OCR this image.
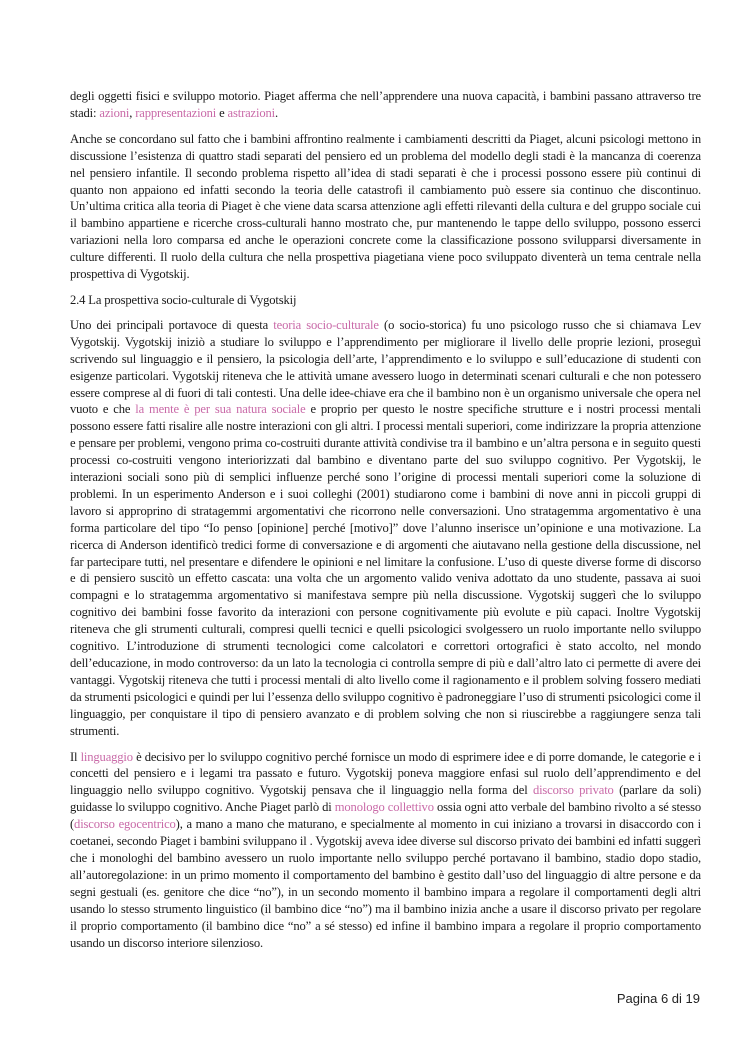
degli oggetti fisici e sviluppo motorio. Piaget afferma che nell’apprendere una nuova capacità, i bambini passano attraverso tre stadi: azioni, rappresentazioni e astrazioni.

Anche se concordano sul fatto che i bambini affrontino realmente i cambiamenti descritti da Piaget, alcuni psicologi mettono in discussione l’esistenza di quattro stadi separati del pensiero ed un problema del modello degli stadi è la mancanza di coerenza nel pensiero infantile. Il secondo problema rispetto all’idea di stadi separati è che i processi possono essere più continui di quanto non appaiono ed infatti secondo la teoria delle catastrofi il cambiamento può essere sia continuo che discontinuo. Un’ultima critica alla teoria di Piaget è che viene data scarsa attenzione agli effetti rilevanti della cultura e del gruppo sociale cui il bambino appartiene e ricerche cross-culturali hanno mostrato che, pur mantenendo le tappe dello sviluppo, possono esserci variazioni nella loro comparsa ed anche le operazioni concrete come la classificazione possono svilupparsi diversamente in culture differenti. Il ruolo della cultura che nella prospettiva piagetiana viene poco sviluppato diventerà un tema centrale nella prospettiva di Vygotskij.

2.4 La prospettiva socio-culturale di Vygotskij

Uno dei principali portavoce di questa teoria socio-culturale (o socio-storica) fu uno psicologo russo che si chiamava Lev Vygotskij. Vygotskij iniziò a studiare lo sviluppo e l’apprendimento per migliorare il livello delle proprie lezioni, proseguì scrivendo sul linguaggio e il pensiero, la psicologia dell’arte, l’apprendimento e lo sviluppo e sull’educazione di studenti con esigenze particolari. Vygotskij riteneva che le attività umane avessero luogo in determinati scenari culturali e che non potessero essere comprese al di fuori di tali contesti. Una delle idee-chiave era che il bambino non è un organismo universale che opera nel vuoto e che la mente è per sua natura sociale e proprio per questo le nostre specifiche strutture e i nostri processi mentali possono essere fatti risalire alle nostre interazioni con gli altri. I processi mentali superiori, come indirizzare la propria attenzione e pensare per problemi, vengono prima co-costruiti durante attività condivise tra il bambino e un’altra persona e in seguito questi processi co-costruiti vengono interiorizzati dal bambino e diventano parte del suo sviluppo cognitivo. Per Vygotskij, le interazioni sociali sono più di semplici influenze perché sono l’origine di processi mentali superiori come la soluzione di problemi. In un esperimento Anderson e i suoi colleghi (2001) studiarono come i bambini di nove anni in piccoli gruppi di lavoro si approprino di stratagemmi argomentativi che ricorrono nelle conversazioni. Uno stratagemma argomentativo è una forma particolare del tipo “Io penso [opinione] perché [motivo]” dove l’alunno inserisce un’opinione e una motivazione. La ricerca di Anderson identificò tredici forme di conversazione e di argomenti che aiutavano nella gestione della discussione, nel far partecipare tutti, nel presentare e difendere le opinioni e nel limitare la confusione. L’uso di queste diverse forme di discorso e di pensiero suscitò un effetto cascata: una volta che un argomento valido veniva adottato da uno studente, passava ai suoi compagni e lo stratagemma argomentativo si manifestava sempre più nella discussione. Vygotskij suggerì che lo sviluppo cognitivo dei bambini fosse favorito da interazioni con persone cognitivamente più evolute e più capaci. Inoltre Vygotskij riteneva che gli strumenti culturali, compresi quelli tecnici e quelli psicologici svolgessero un ruolo importante nello sviluppo cognitivo. L’introduzione di strumenti tecnologici come calcolatori e correttori ortografici è stato accolto, nel mondo dell’educazione, in modo controverso: da un lato la tecnologia ci controlla sempre di più e dall’altro lato ci permette di avere dei vantaggi. Vygotskij riteneva che tutti i processi mentali di alto livello come il ragionamento e il problem solving fossero mediati da strumenti psicologici e quindi per lui l’essenza dello sviluppo cognitivo è padroneggiare l’uso di strumenti psicologici come il linguaggio, per conquistare il tipo di pensiero avanzato e di problem solving che non si riuscirebbe a raggiungere senza tali strumenti.

Il linguaggio è decisivo per lo sviluppo cognitivo perché fornisce un modo di esprimere idee e di porre domande, le categorie e i concetti del pensiero e i legami tra passato e futuro. Vygotskij poneva maggiore enfasi sul ruolo dell’apprendimento e del linguaggio nello sviluppo cognitivo. Vygotskij pensava che il linguaggio nella forma del discorso privato (parlare da soli) guidasse lo sviluppo cognitivo. Anche Piaget parlò di monologo collettivo ossia ogni atto verbale del bambino rivolto a sé stesso (discorso egocentrico), a mano a mano che maturano, e specialmente al momento in cui iniziano a trovarsi in disaccordo con i coetanei, secondo Piaget i bambini sviluppano il . Vygotskij aveva idee diverse sul discorso privato dei bambini ed infatti suggerì che i monologhi del bambino avessero un ruolo importante nello sviluppo perché portavano il bambino, stadio dopo stadio, all’autoregolazione: in un primo momento il comportamento del bambino è gestito dall’uso del linguaggio di altre persone e da segni gestuali (es. genitore che dice “no”), in un secondo momento il bambino impara a regolare il comportamenti degli altri usando lo stesso strumento linguistico (il bambino dice “no”) ma il bambino inizia anche a usare il discorso privato per regolare il proprio comportamento (il bambino dice “no” a sé stesso) ed infine il bambino impara a regolare il proprio comportamento usando un discorso interiore silenzioso.

Pagina 6 di 19
